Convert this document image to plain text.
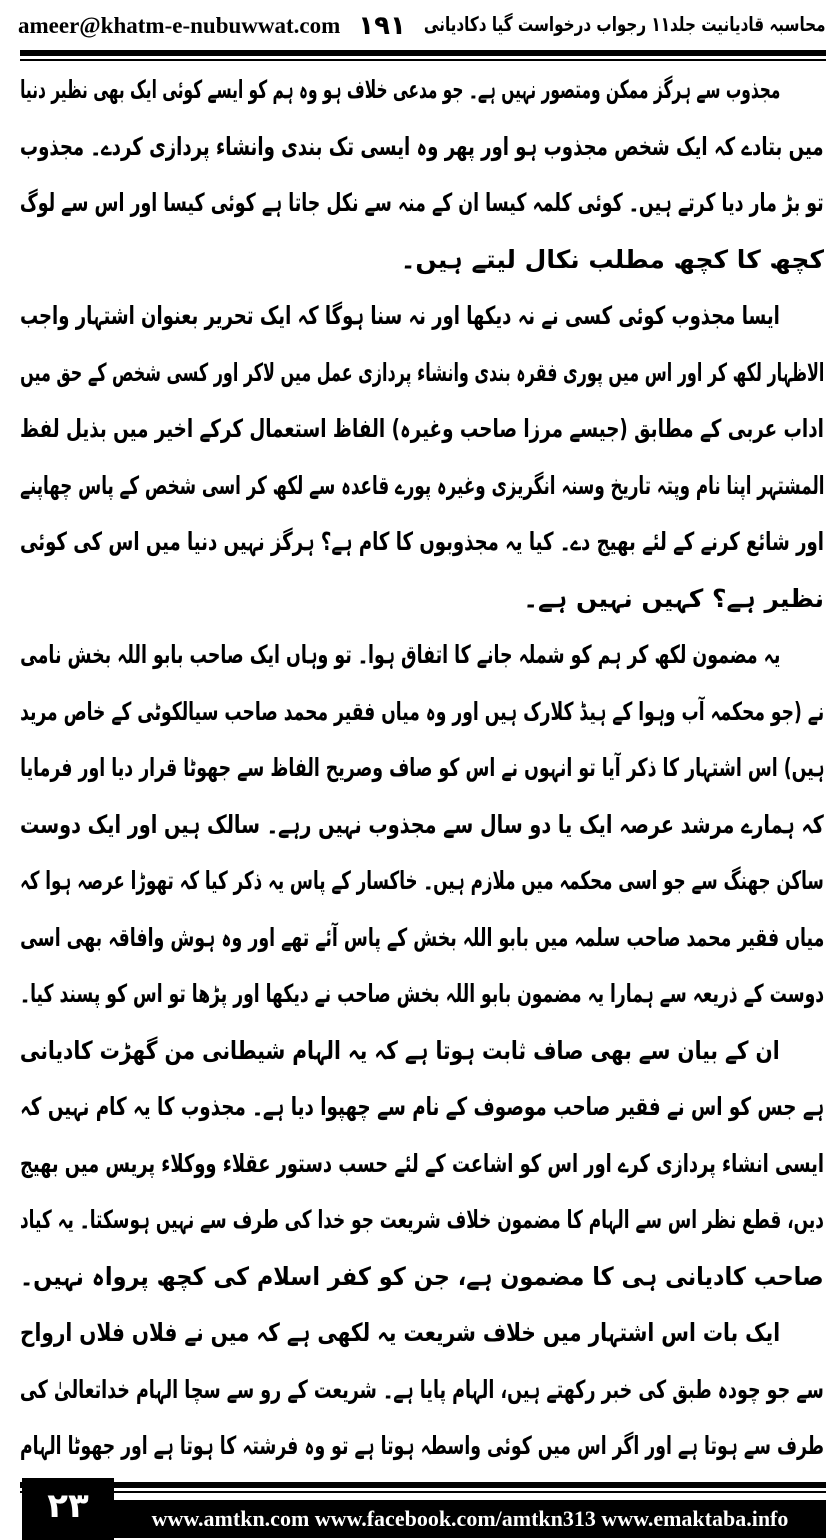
ameer@khatm-e-nubuwwat.com ۱۹۱ محاسبہ قادیانیت جلد۱۱ رجواب درخواست گیا دکادیانی
مجذوب سے ہرگز ممکن ومتصور نہیں ہے۔ جو مدعی خلاف ہو وہ ہم کو ایسے کوئی ایک بھی نظیر دنیا
میں بتادے کہ ایک شخص مجذوب ہو اور پھر وہ ایسی تک بندی وانشاء پردازی کردے۔ مجذوب
تو بڑ مار دیا کرتے ہیں۔ کوئی کلمہ کیسا ان کے منہ سے نکل جاتا ہے کوئی کیسا اور اس سے لوگ
کچھ کا کچھ مطلب نکال لیتے ہیں۔
ایسا مجذوب کوئی کسی نے نہ دیکھا اور نہ سنا ہوگا کہ ایک تحریر بعنوان اشتہار واجب
الاظہار لکھ کر اور اس میں پوری فقرہ بندی وانشاء پردازی عمل میں لاکر اور کسی شخص کے حق میں
اداب عربی کے مطابق (جیسے مرزا صاحب وغیرہ) الفاظ استعمال کرکے اخیر میں بذیل لفظ
المشتہر اپنا نام وپتہ تاریخ وسنہ انگریزی وغیرہ پورے قاعدہ سے لکھ کر اسی شخص کے پاس چھاپنے
اور شائع کرنے کے لئے بھیج دے۔ کیا یہ مجذوبوں کا کام ہے؟ ہرگز نہیں دنیا میں اس کی کوئی
نظیر ہے؟ کہیں نہیں ہے۔
یہ مضمون لکھ کر ہم کو شملہ جانے کا اتفاق ہوا۔ تو وہاں ایک صاحب بابو اللہ بخش نامی
نے (جو محکمہ آب وہوا کے ہیڈ کلارک ہیں اور وہ میاں فقیر محمد صاحب سیالکوٹی کے خاص مرید
ہیں) اس اشتہار کا ذکر آیا تو انہوں نے اس کو صاف وصریح الفاظ سے جھوٹا قرار دیا اور فرمایا
کہ ہمارے مرشد عرصہ ایک یا دو سال سے مجذوب نہیں رہے۔ سالک ہیں اور ایک دوست
ساکن جھنگ سے جو اسی محکمہ میں ملازم ہیں۔ خاکسار کے پاس یہ ذکر کیا کہ تھوڑا عرصہ ہوا کہ
میاں فقیر محمد صاحب سلمہ میں بابو اللہ بخش کے پاس آئے تھے اور وہ ہوش وافاقہ بھی اسی
دوست کے ذریعہ سے ہمارا یہ مضمون بابو اللہ بخش صاحب نے دیکھا اور پڑھا تو اس کو پسند کیا۔
ان کے بیان سے بھی صاف ثابت ہوتا ہے کہ یہ الہام شیطانی من گھڑت کادیانی
ہے جس کو اس نے فقیر صاحب موصوف کے نام سے چھپوا دیا ہے۔ مجذوب کا یہ کام نہیں کہ
ایسی انشاء پردازی کرے اور اس کو اشاعت کے لئے حسب دستور عقلاء ووکلاء پریس میں بھیج
دیں، قطع نظر اس سے الہام کا مضمون خلاف شریعت جو خدا کی طرف سے نہیں ہوسکتا۔ یہ کیاد
صاحب کادیانی ہی کا مضمون ہے، جن کو کفر اسلام کی کچھ پرواہ نہیں۔
ایک بات اس اشتہار میں خلاف شریعت یہ لکھی ہے کہ میں نے فلاں فلاں ارواح
سے جو چودہ طبق کی خبر رکھتے ہیں، الہام پایا ہے۔ شریعت کے رو سے سچا الہام خداتعالیٰ کی
طرف سے ہوتا ہے اور اگر اس میں کوئی واسطہ ہوتا ہے تو وہ فرشتہ کا ہوتا ہے اور جھوٹا الہام
۲۳	www.amtkn.com www.facebook.com/amtkn313 www.emaktaba.info
